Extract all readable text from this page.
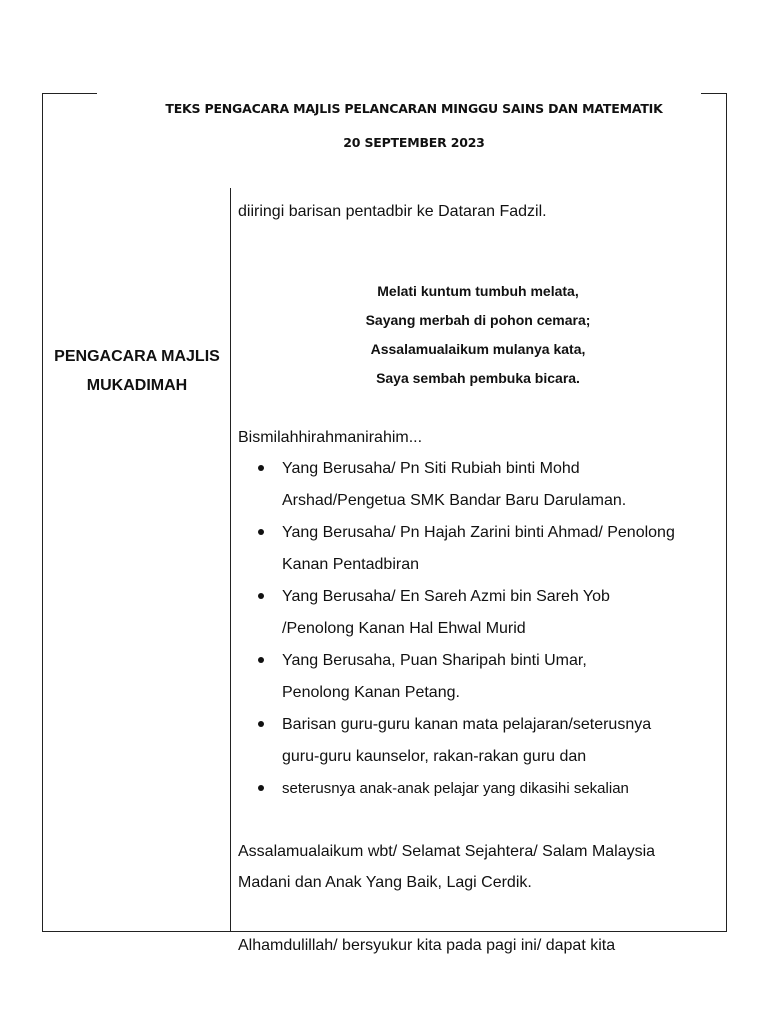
TEKS PENGACARA MAJLIS PELANCARAN MINGGU SAINS DAN MATEMATIK
20 SEPTEMBER 2023
PENGACARA MAJLIS
MUKADIMAH
diiringi barisan pentadbir ke Dataran Fadzil.
Melati kuntum tumbuh melata,
Sayang merbah di pohon cemara;
Assalamualaikum mulanya kata,
Saya sembah pembuka bicara.
Bismilahhirahmanirahim...
Yang Berusaha/ Pn Siti Rubiah binti Mohd
Arshad/Pengetua SMK Bandar Baru Darulaman.
Yang Berusaha/ Pn Hajah Zarini binti Ahmad/ Penolong
Kanan Pentadbiran
Yang Berusaha/ En Sareh Azmi bin Sareh Yob
/Penolong Kanan Hal Ehwal Murid
Yang Berusaha, Puan Sharipah binti Umar,
Penolong Kanan Petang.
Barisan guru-guru kanan mata pelajaran/seterusnya
guru-guru kaunselor, rakan-rakan guru dan
seterusnya anak-anak pelajar yang dikasihi sekalian
Assalamualaikum wbt/ Selamat Sejahtera/ Salam Malaysia
Madani dan Anak Yang Baik, Lagi Cerdik.
Alhamdulillah/ bersyukur kita pada pagi ini/ dapat kita
